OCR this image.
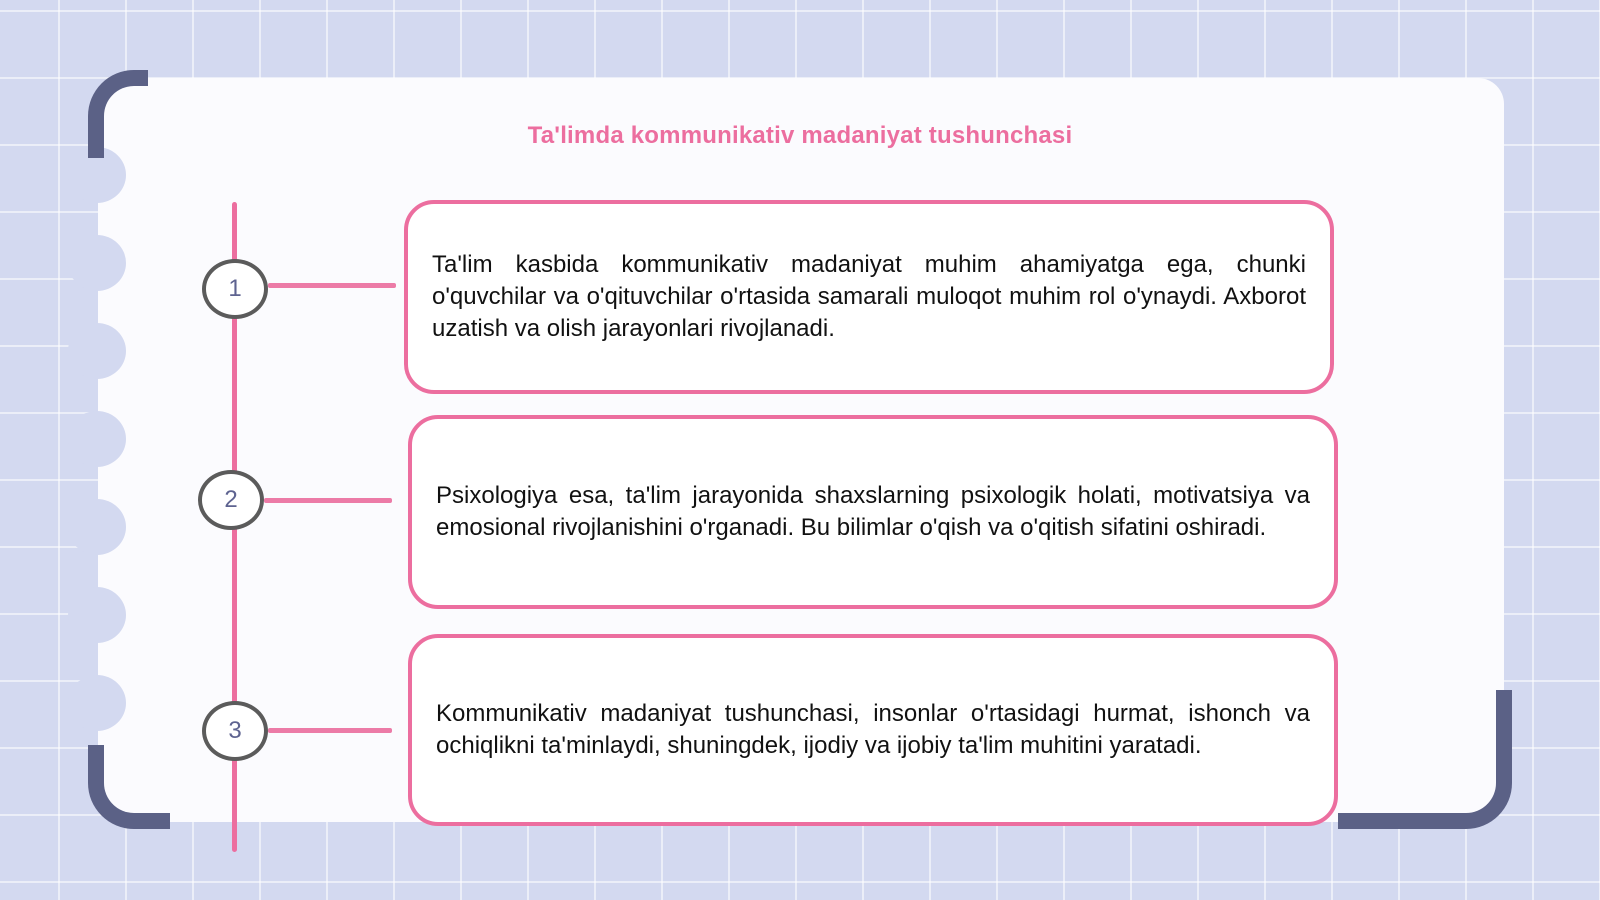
Ta'limda kommunikativ madaniyat tushunchasi
1

Ta'lim kasbida kommunikativ madaniyat muhim ahamiyatga ega, chunki o'quvchilar va o'qituvchilar o'rtasida samarali muloqot muhim rol o'ynaydi. Axborot uzatish va olish jarayonlari rivojlanadi.

2	Psixologiya esa, ta'lim jarayonida shaxslarning psixologik holati, motivatsiya va emosional rivojlanishini o'rganadi. Bu bilimlar o'qish va o'qitish sifatini oshiradi.

3

Kommunikativ madaniyat tushunchasi, insonlar o'rtasidagi hurmat, ishonch va ochiqlikni ta'minlaydi, shuningdek, ijodiy va ijobiy ta'lim muhitini yaratadi.
